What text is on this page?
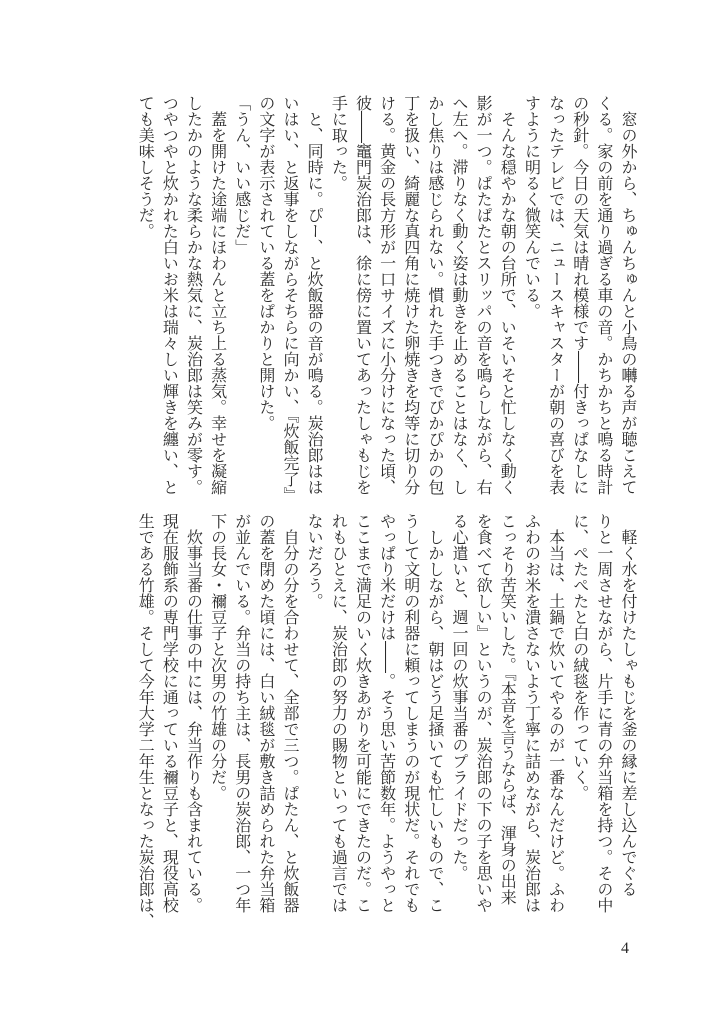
　窓の外から、ちゅんちゅんと小鳥の囀る声が聴こえて
くる。家の前を通り過ぎる車の音。かちかちと鳴る時計
の秒針。今日の天気は晴れ模様です――付きっぱなしに
なったテレビでは、ニュースキャスターが朝の喜びを表
すように明るく微笑んでいる。
　そんな穏やかな朝の台所で、いそいそと忙しなく動く
影が一つ。ぱたぱたとスリッパの音を鳴らしながら、右
へ左へ。滞りなく動く姿は動きを止めることはなく、し
かし焦りは感じられない。慣れた手つきでぴかぴかの包
丁を扱い、綺麗な真四角に焼けた卵焼きを均等に切り分
ける。黄金の長方形が一口サイズに小分けになった頃、
彼――竈門炭治郎は、徐に傍に置いてあったしゃもじを
手に取った。
　と、同時に。ぴー、と炊飯器の音が鳴る。炭治郎はは
いはい、と返事をしながらそちらに向かい、『炊飯完了』
の文字が表示されている蓋をぱかりと開けた。
「うん、いい感じだ」
　蓋を開けた途端にほわんと立ち上る蒸気。幸せを凝縮
したかのような柔らかな熱気に、炭治郎は笑みが零す。
つやつやと炊かれた白いお米は瑞々しい輝きを纏い、と
ても美味しそうだ。
　軽く水を付けたしゃもじを釜の縁に差し込んでぐる
りと一周させながら、片手に青の弁当箱を持つ。その中
に、ぺたぺたと白の絨毯を作っていく。
　本当は、土鍋で炊いてやるのが一番なんだけど。ふわ
ふわのお米を潰さないよう丁寧に詰めながら、炭治郎は
こっそり苦笑いした。『本音を言うならば、渾身の出来
を食べて欲しい』というのが、炭治郎の下の子を思いや
る心遣いと、週一回の炊事当番のプライドだった。
　しかしながら、朝はどう足掻いても忙しいもので、こ
うして文明の利器に頼ってしまうのが現状だ。それでも
やっぱり米だけは――。そう思い苦節数年。ようやっと
ここまで満足のいく炊きあがりを可能にできたのだ。こ
れもひとえに、炭治郎の努力の賜物といっても過言では
ないだろう。
　自分の分を合わせて、全部で三つ。ぱたん、と炊飯器
の蓋を閉めた頃には、白い絨毯が敷き詰められた弁当箱
が並んでいる。弁当の持ち主は、長男の炭治郎、一つ年
下の長女・禰豆子と次男の竹雄の分だ。
　炊事当番の仕事の中には、弁当作りも含まれている。
現在服飾系の専門学校に通っている禰豆子と、現役高校
生である竹雄。そして今年大学二年生となった炭治郎は、
4
